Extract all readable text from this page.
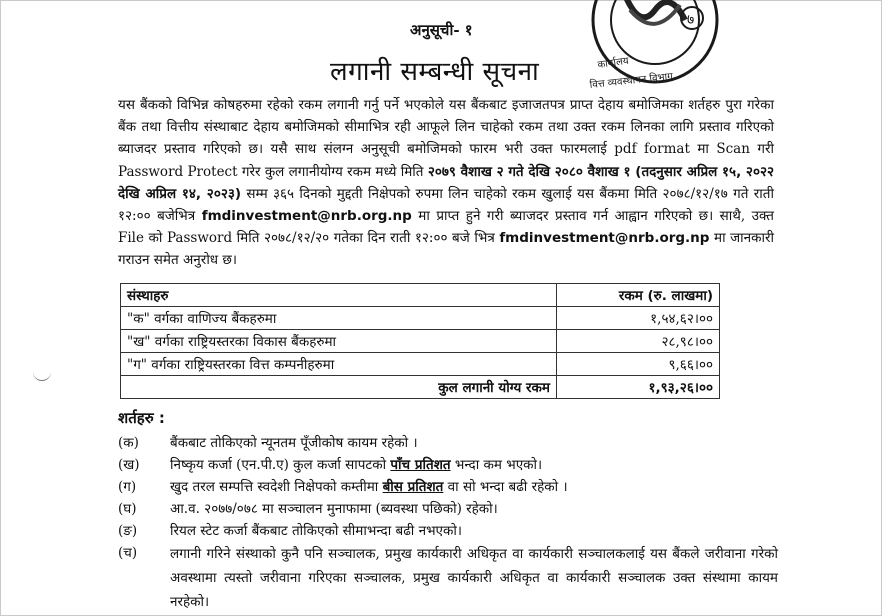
अनुसूची- १
लगानी सम्बन्धी सूचना
७
कार्यालय
वित्त व्यवस्थापन विभाग
यस बैंकको विभिन्न कोषहरुमा रहेको रकम लगानी गर्नु पर्ने भएकोले यस बैंकबाट इजाजतपत्र प्राप्त देहाय बमोजिमका शर्तहरु पुरा गरेका बैंक तथा वित्तीय संस्थाबाट देहाय बमोजिमको सीमाभित्र रही आफूले लिन चाहेको रकम तथा उक्त रकम लिनका लागि प्रस्ताव गरिएको ब्याजदर प्रस्ताव गरिएको छ। यसै साथ संलग्न अनुसूची बमोजिमको फारम भरी उक्त फारमलाई pdf format मा Scan गरी Password Protect गरेर कुल लगानीयोग्य रकम मध्ये मिति २०७९ वैशाख २ गते देखि २०८० वैशाख १ (तदनुसार अप्रिल १५, २०२२ देखि अप्रिल १४, २०२३) सम्म ३६५ दिनको मुद्दती निक्षेपको रुपमा लिन चाहेको रकम खुलाई यस बैंकमा मिति २०७८/१२/१७ गते राती १२:०० बजेभित्र fmdinvestment@nrb.org.np मा प्राप्त हुने गरी ब्याजदर प्रस्ताव गर्न आह्वान गरिएको छ। साथै, उक्त File को Password मिति २०७८/१२/२० गतेका दिन राती १२:०० बजे भित्र fmdinvestment@nrb.org.np मा जानकारी गराउन समेत अनुरोध छ।
संस्थाहरु	रकम (रु. लाखमा)
"क" वर्गका वाणिज्य बैंकहरुमा	१,५४,६२।००
"ख" वर्गका राष्ट्रियस्तरका विकास बैंकहरुमा	२८,९८।००
"ग" वर्गका राष्ट्रियस्तरका वित्त कम्पनीहरुमा	९,६६।००
कुल लगानी योग्य रकम	१,९३,२६।००
शर्तहरु :
(क)	बैंकबाट तोकिएको न्यूनतम पूँजीकोष कायम रहेको ।
(ख)	निष्कृय कर्जा (एन.पी.ए) कुल कर्जा सापटको पाँच प्रतिशत भन्दा कम भएको।
(ग)	खुद तरल सम्पत्ति स्वदेशी निक्षेपको कम्तीमा बीस प्रतिशत वा सो भन्दा बढी रहेको ।
(घ)	आ.व. २०७७/०७८ मा सञ्चालन मुनाफामा (ब्यवस्था पछिको) रहेको।
(ङ)	रियल स्टेट कर्जा बैंकबाट तोकिएको सीमाभन्दा बढी नभएको।
(च)	लगानी गरिने संस्थाको कुनै पनि सञ्चालक, प्रमुख कार्यकारी अधिकृत वा कार्यकारी सञ्चालकलाई यस बैंकले जरीवाना गरेको अवस्थामा त्यस्तो जरीवाना गरिएका सञ्चालक, प्रमुख कार्यकारी अधिकृत वा कार्यकारी सञ्चालक उक्त संस्थामा कायम नरहेको।
